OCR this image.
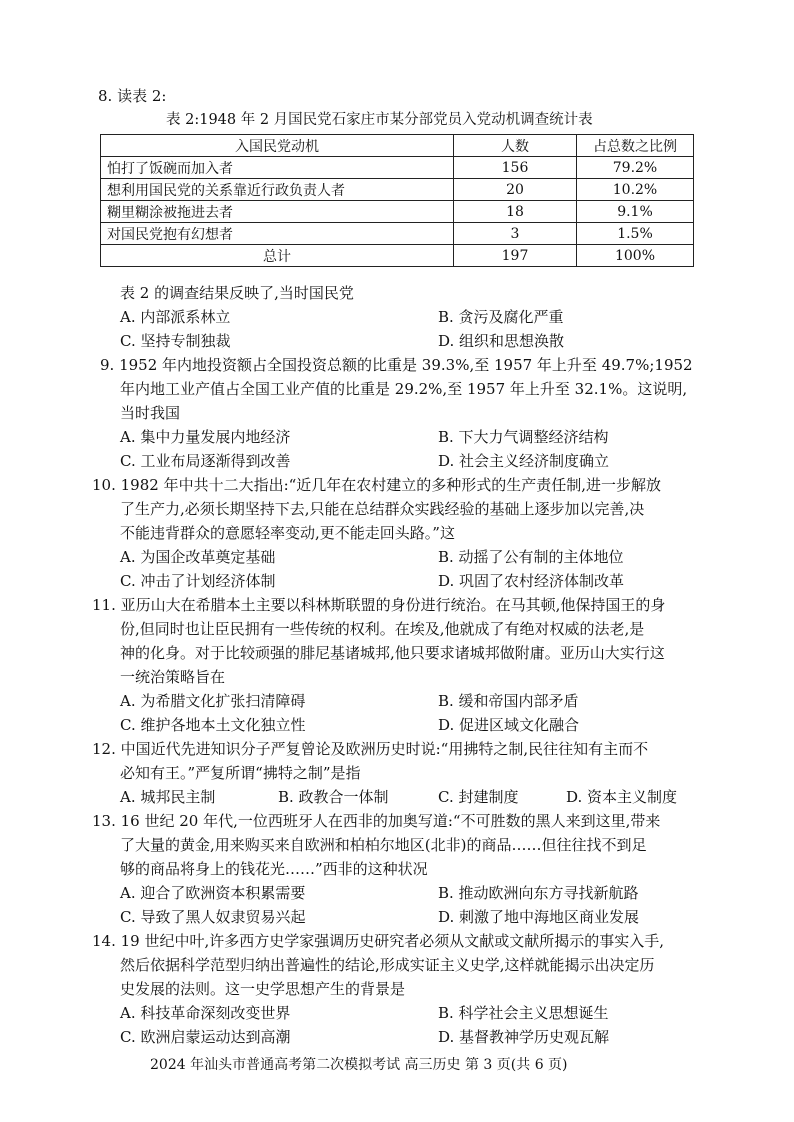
8. 读表 2:
表 2:1948 年 2 月国民党石家庄市某分部党员入党动机调查统计表
入国民党动机	人数	占总数之比例
怕打了饭碗而加入者	156	79.2%
想利用国民党的关系靠近行政负责人者	20	10.2%
糊里糊涂被拖进去者	18	9.1%
对国民党抱有幻想者	3	1.5%
总计	197	100%
表 2 的调查结果反映了,当时国民党
A. 内部派系林立	B. 贪污及腐化严重
C. 坚持专制独裁	D. 组织和思想涣散
9. 1952 年内地投资额占全国投资总额的比重是 39.3%,至 1957 年上升至 49.7%;1952
年内地工业产值占全国工业产值的比重是 29.2%,至 1957 年上升至 32.1%。这说明,
当时我国
A. 集中力量发展内地经济	B. 下大力气调整经济结构
C. 工业布局逐渐得到改善	D. 社会主义经济制度确立
10. 1982 年中共十二大指出:“近几年在农村建立的多种形式的生产责任制,进一步解放
了生产力,必须长期坚持下去,只能在总结群众实践经验的基础上逐步加以完善,决
不能违背群众的意愿轻率变动,更不能走回头路。”这
A. 为国企改革奠定基础	B. 动摇了公有制的主体地位
C. 冲击了计划经济体制	D. 巩固了农村经济体制改革
11. 亚历山大在希腊本土主要以科林斯联盟的身份进行统治。在马其顿,他保持国王的身
份,但同时也让臣民拥有一些传统的权利。在埃及,他就成了有绝对权威的法老,是
神的化身。对于比较顽强的腓尼基诸城邦,他只要求诸城邦做附庸。亚历山大实行这
一统治策略旨在
A. 为希腊文化扩张扫清障碍	B. 缓和帝国内部矛盾
C. 维护各地本土文化独立性	D. 促进区域文化融合
12. 中国近代先进知识分子严复曾论及欧洲历史时说:“用拂特之制,民往往知有主而不
必知有王。”严复所谓“拂特之制”是指
A. 城邦民主制	B. 政教合一体制	C. 封建制度	D. 资本主义制度
13. 16 世纪 20 年代,一位西班牙人在西非的加奥写道:“不可胜数的黑人来到这里,带来
了大量的黄金,用来购买来自欧洲和柏柏尔地区(北非)的商品……但往往找不到足
够的商品将身上的钱花光……”西非的这种状况
A. 迎合了欧洲资本积累需要	B. 推动欧洲向东方寻找新航路
C. 导致了黑人奴隶贸易兴起	D. 刺激了地中海地区商业发展
14. 19 世纪中叶,许多西方史学家强调历史研究者必须从文献或文献所揭示的事实入手,
然后依据科学范型归纳出普遍性的结论,形成实证主义史学,这样就能揭示出决定历
史发展的法则。这一史学思想产生的背景是
A. 科技革命深刻改变世界	B. 科学社会主义思想诞生
C. 欧洲启蒙运动达到高潮	D. 基督教神学历史观瓦解
2024 年汕头市普通高考第二次模拟考试 高三历史 第 3 页(共 6 页)
